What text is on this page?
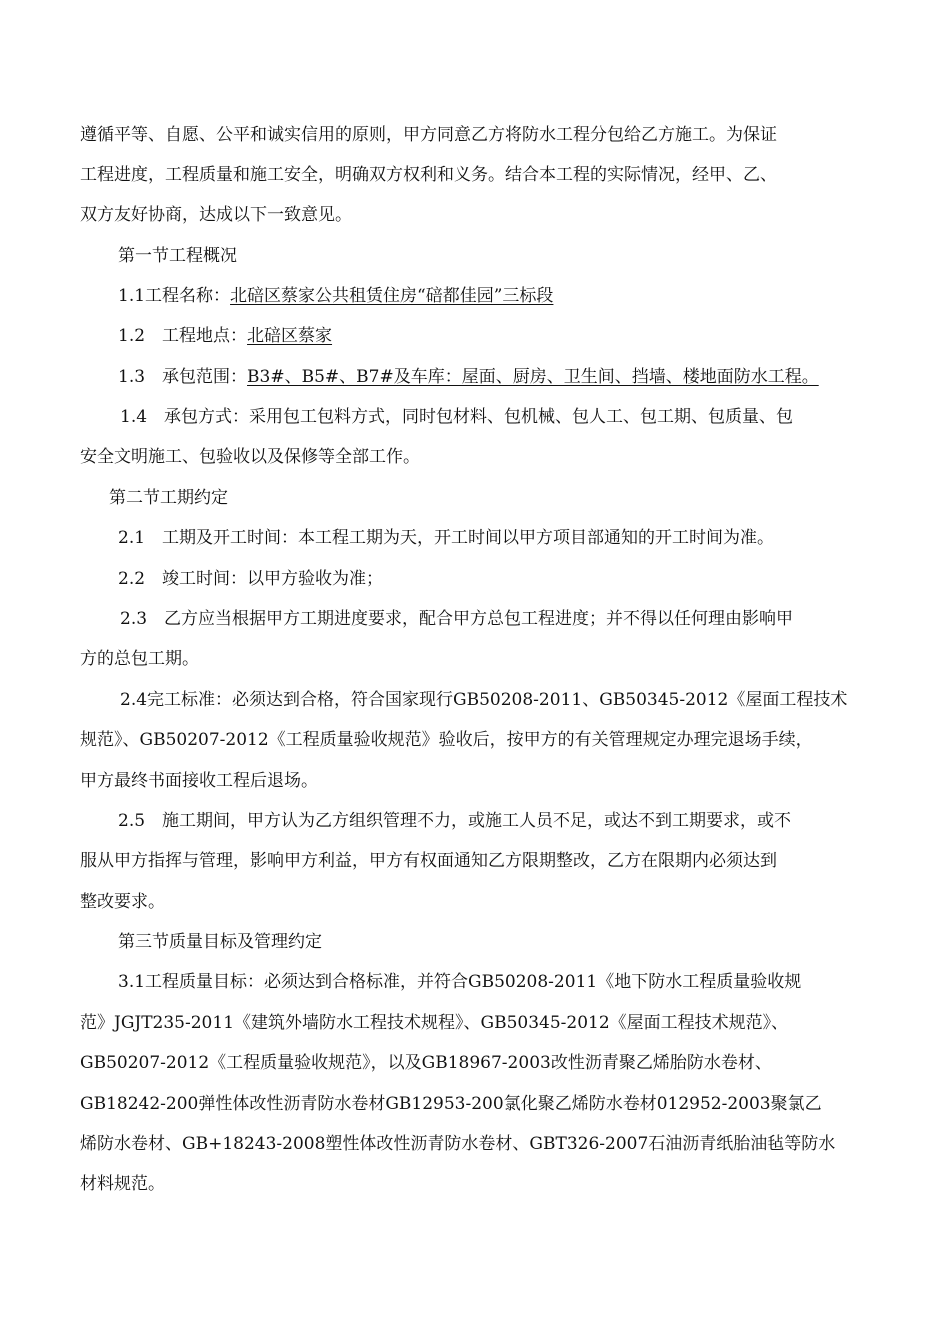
遵循平等、自愿、公平和诚实信用的原则，甲方同意乙方将防水工程分包给乙方施工。为保证
工程进度，工程质量和施工安全，明确双方权利和义务。结合本工程的实际情况，经甲、乙、
双方友好协商，达成以下一致意见。
第一节工程概况
1.1工程名称：北碚区蔡家公共租赁住房“碚都佳园”三标段
1.2　工程地点：北碚区蔡家
1.3　承包范围：B3#、B5#、B7#及车库：屋面、厨房、卫生间、挡墙、楼地面防水工程。
1.4　承包方式：采用包工包料方式，同时包材料、包机械、包人工、包工期、包质量、包
安全文明施工、包验收以及保修等全部工作。
第二节工期约定
2.1　工期及开工时间：本工程工期为天，开工时间以甲方项目部通知的开工时间为准。
2.2　竣工时间：以甲方验收为准；
2.3　乙方应当根据甲方工期进度要求，配合甲方总包工程进度；并不得以任何理由影响甲
方的总包工期。
2.4完工标准：必须达到合格，符合国家现行GB50208-2011、GB50345-2012《屋面工程技术
规范》、GB50207-2012《工程质量验收规范》验收后，按甲方的有关管理规定办理完退场手续，
甲方最终书面接收工程后退场。
2.5　施工期间，甲方认为乙方组织管理不力，或施工人员不足，或达不到工期要求，或不
服从甲方指挥与管理，影响甲方利益，甲方有权面通知乙方限期整改，乙方在限期内必须达到
整改要求。
第三节质量目标及管理约定
3.1工程质量目标：必须达到合格标准，并符合GB50208-2011《地下防水工程质量验收规
范》JGJT235-2011《建筑外墙防水工程技术规程》、GB50345-2012《屋面工程技术规范》、
GB50207-2012《工程质量验收规范》，以及GB18967-2003改性沥青聚乙烯胎防水卷材、
GB18242-200弹性体改性沥青防水卷材GB12953-200氯化聚乙烯防水卷材012952-2003聚氯乙
烯防水卷材、GB+18243-2008塑性体改性沥青防水卷材、GBT326-2007石油沥青纸胎油毡等防水
材料规范。
